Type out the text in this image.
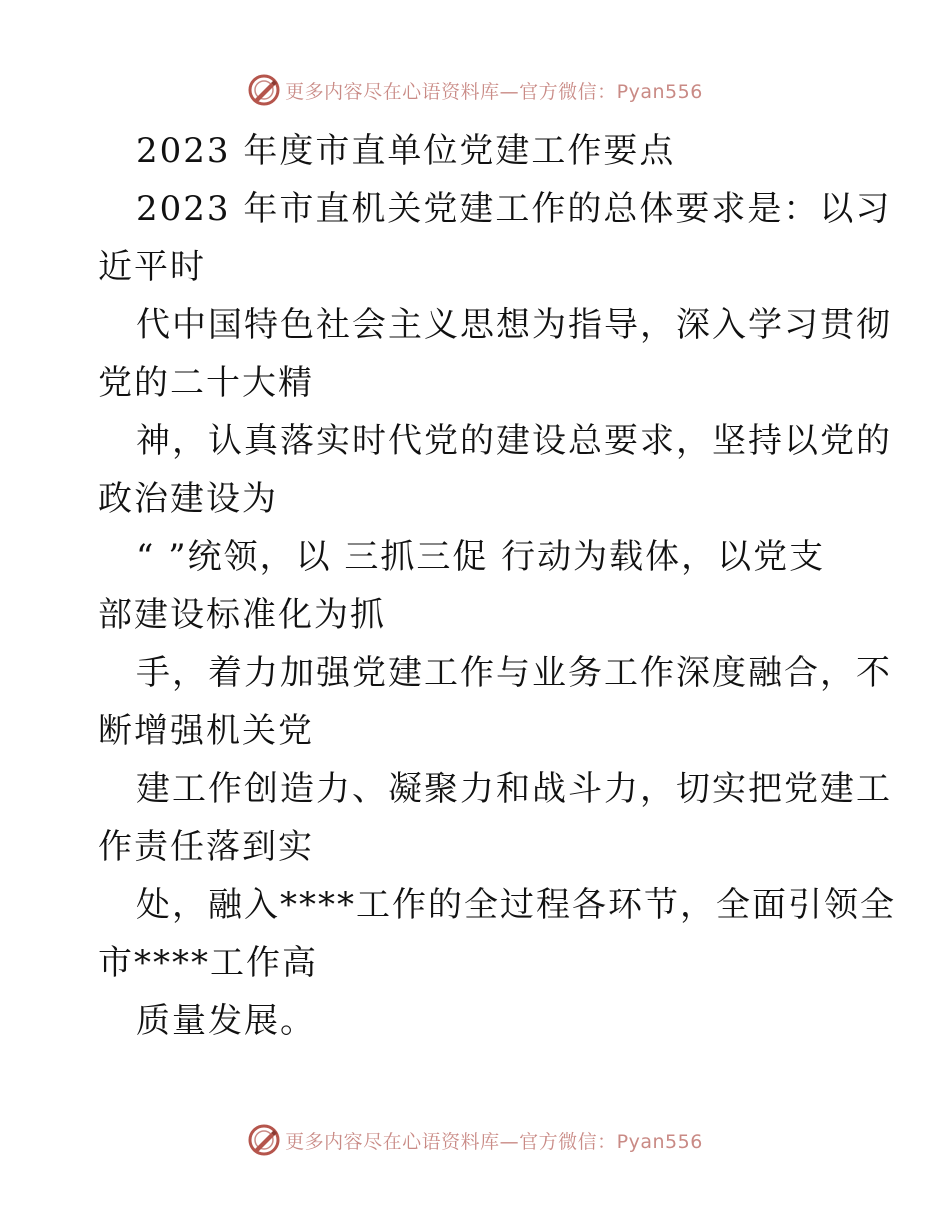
更多内容尽在心语资料库—官方微信：Pyan556
2023 年度市直单位党建工作要点
2023 年市直机关党建工作的总体要求是：以习
近平时
代中国特色社会主义思想为指导，深入学习贯彻
党的二十大精
神，认真落实时代党的建设总要求，坚持以党的
政治建设为
“ ”统领，以 三抓三促 行动为载体，以党支
部建设标准化为抓
手，着力加强党建工作与业务工作深度融合，不
断增强机关党
建工作创造力、凝聚力和战斗力，切实把党建工
作责任落到实
处，融入****工作的全过程各环节，全面引领全
市****工作高
质量发展。
更多内容尽在心语资料库—官方微信：Pyan556
